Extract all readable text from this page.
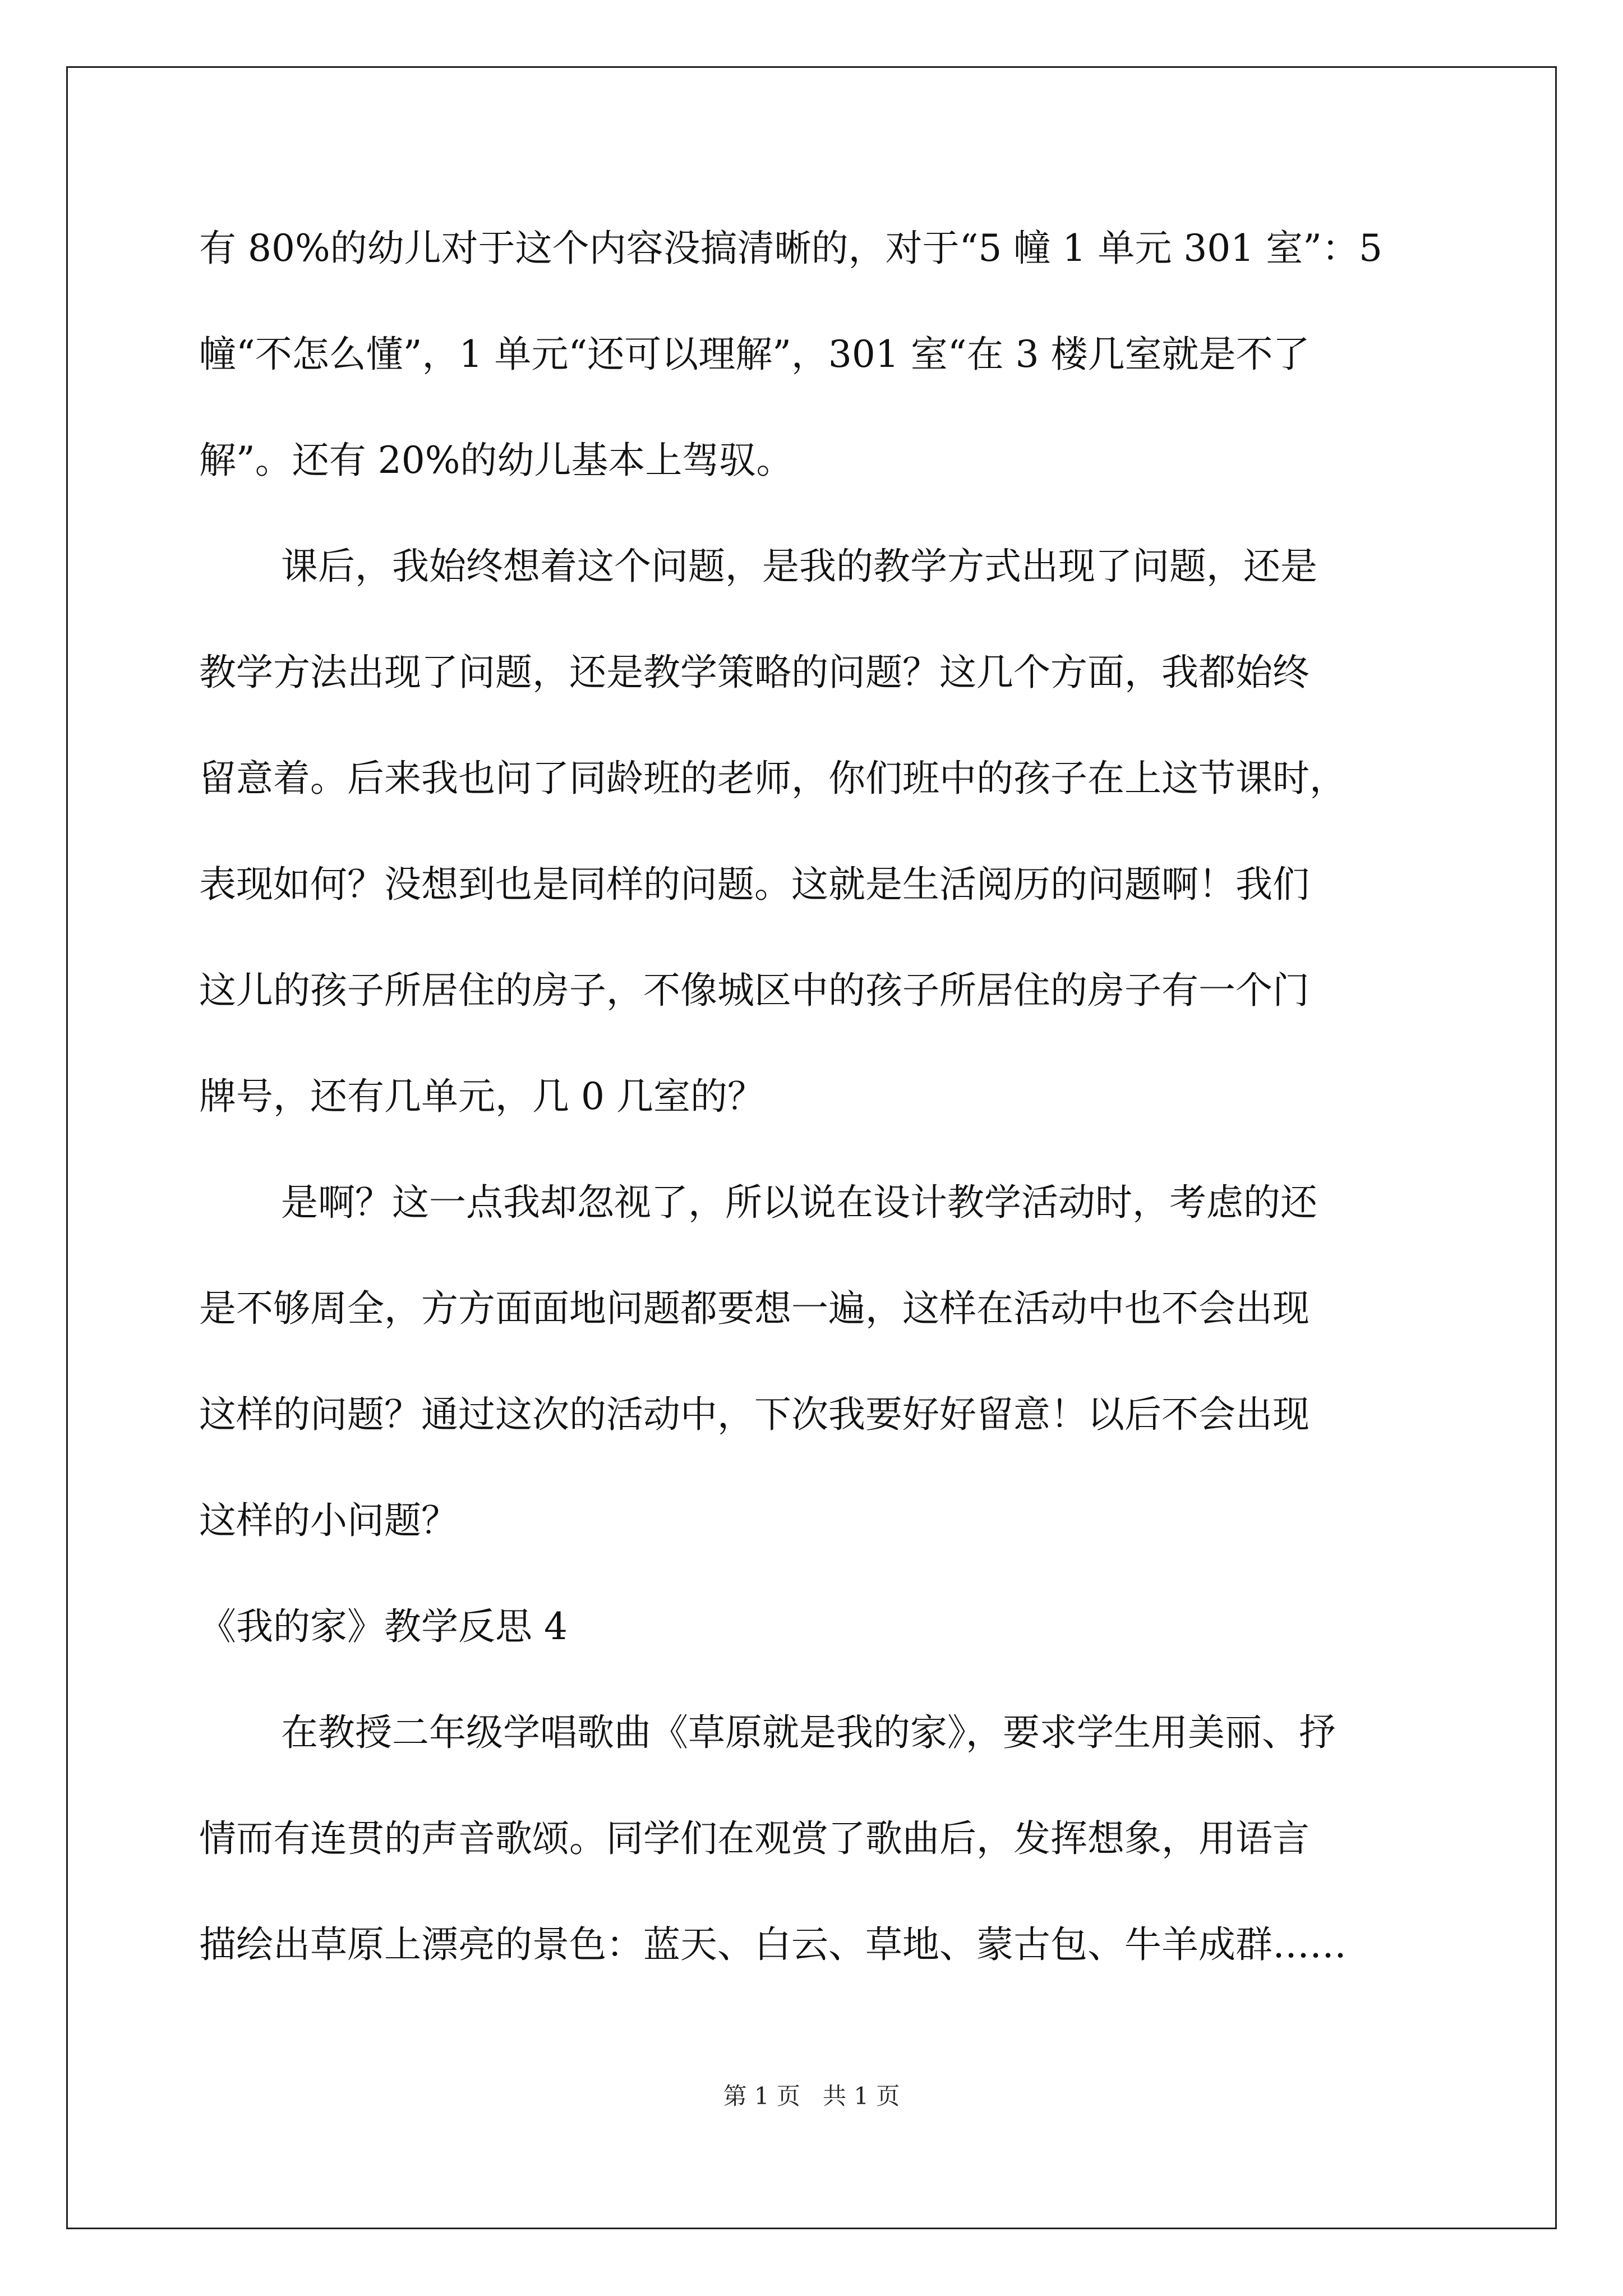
有 80%的幼儿对于这个内容没搞清晰的，对于“5 幢 1 单元 301 室”：5

幢“不怎么懂”，1 单元“还可以理解”，301 室“在 3 楼几室就是不了

解”。还有 20%的幼儿基本上驾驭。

课后，我始终想着这个问题，是我的教学方式出现了问题，还是

教学方法出现了问题，还是教学策略的问题？这几个方面，我都始终

留意着。后来我也问了同龄班的老师，你们班中的孩子在上这节课时，

表现如何？没想到也是同样的问题。这就是生活阅历的问题啊！我们

这儿的孩子所居住的房子，不像城区中的孩子所居住的房子有一个门

牌号，还有几单元，几 0 几室的？

是啊？这一点我却忽视了，所以说在设计教学活动时，考虑的还

是不够周全，方方面面地问题都要想一遍，这样在活动中也不会出现

这样的问题？通过这次的活动中，下次我要好好留意！以后不会出现

这样的小问题？

《我的家》教学反思 4

在教授二年级学唱歌曲《草原就是我的家》，要求学生用美丽、抒

情而有连贯的声音歌颂。同学们在观赏了歌曲后，发挥想象，用语言

描绘出草原上漂亮的景色：蓝天、白云、草地、蒙古包、牛羊成群……

第 1 页 共 1 页
